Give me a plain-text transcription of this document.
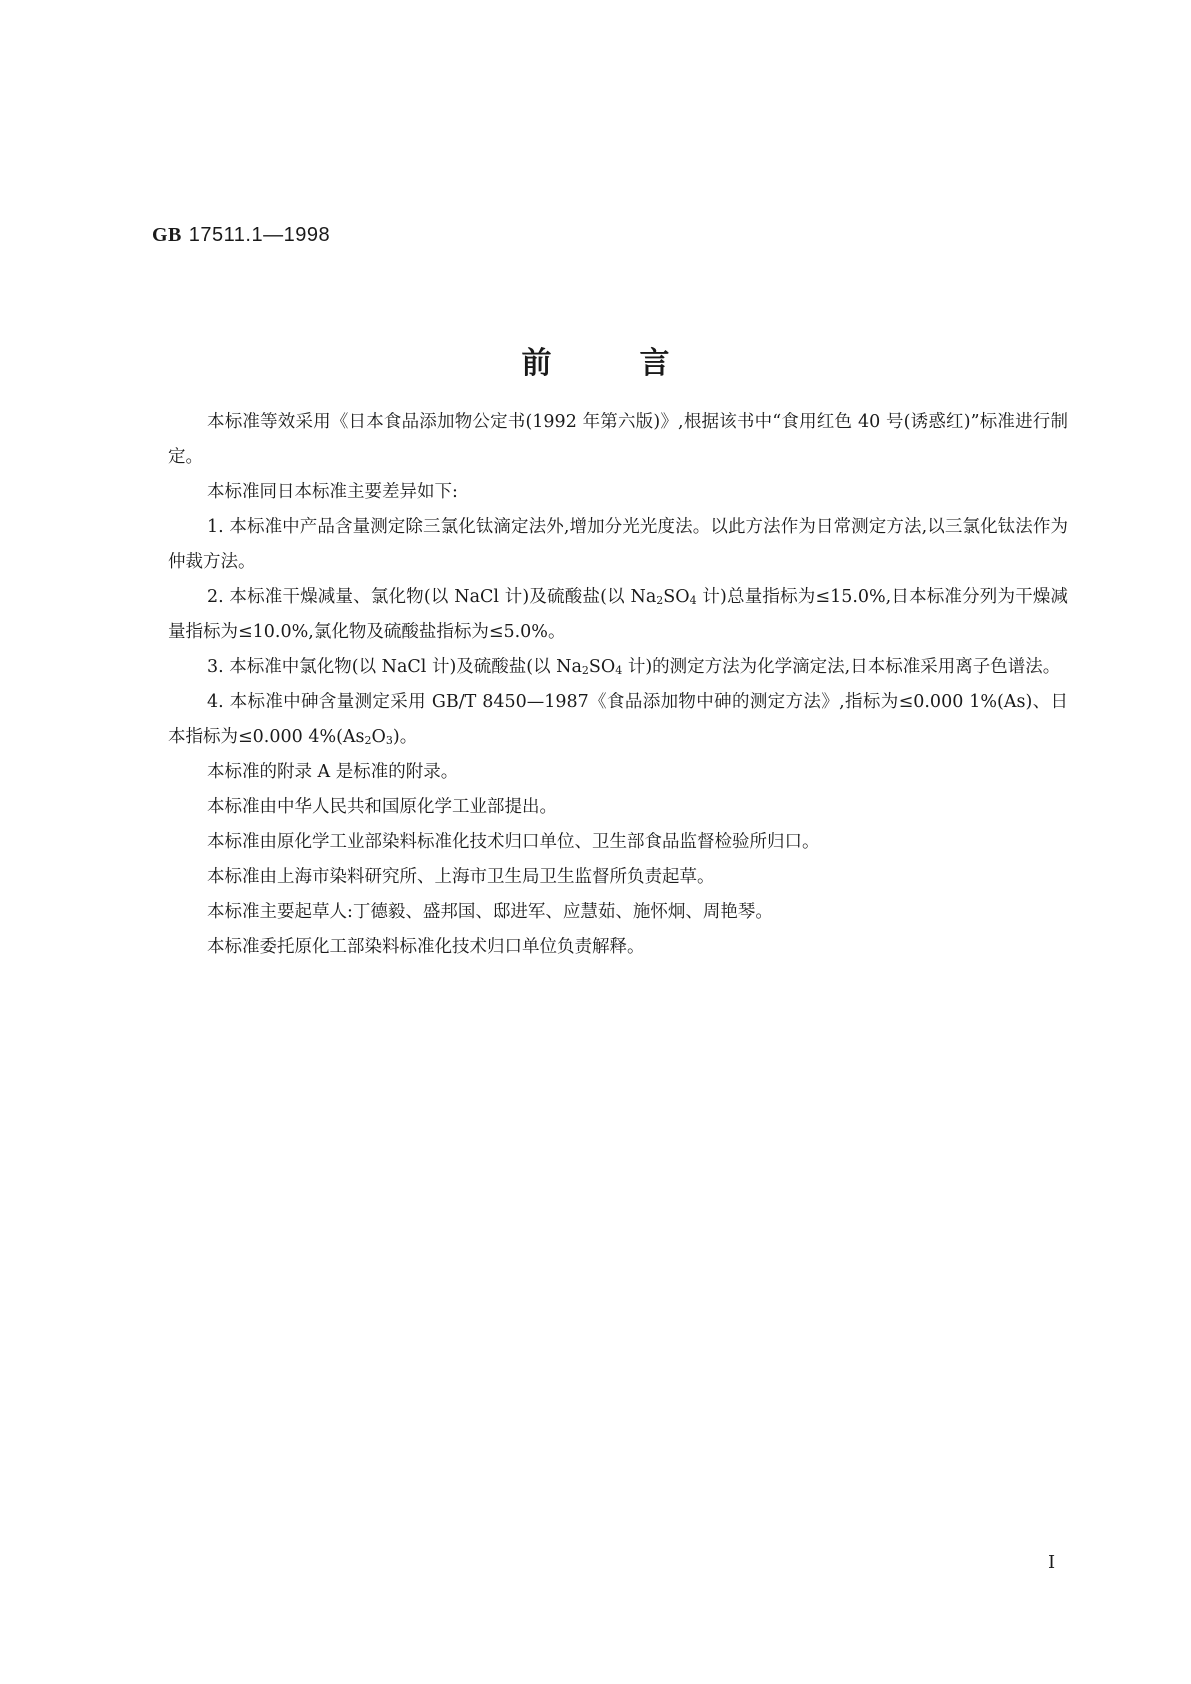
GB 17511.1—1998
前言

本标准等效采用《日本食品添加物公定书(1992 年第六版)》,根据该书中“食用红色 40 号(诱惑红)”标准进行制定。

本标准同日本标准主要差异如下:

1. 本标准中产品含量测定除三氯化钛滴定法外,增加分光光度法。以此方法作为日常测定方法,以三氯化钛法作为仲裁方法。

2. 本标准干燥减量、氯化物(以 NaCl 计)及硫酸盐(以 $Na_2SO_4$ 计)总量指标为≤15.0%,日本标准分列为干燥减量指标为≤10.0%,氯化物及硫酸盐指标为≤5.0%。

3. 本标准中氯化物(以 NaCl 计)及硫酸盐(以 $Na_2SO_4$ 计)的测定方法为化学滴定法,日本标准采用离子色谱法。

4. 本标准中砷含量测定采用 GB/T 8450—1987《食品添加物中砷的测定方法》,指标为≤0.000 1%(As)、日本指标为≤0.000 $4\%(As_2O_3)$。

本标准的附录 A 是标准的附录。

本标准由中华人民共和国原化学工业部提出。

本标准由原化学工业部染料标准化技术归口单位、卫生部食品监督检验所归口。

本标准由上海市染料研究所、上海市卫生局卫生监督所负责起草。

本标准主要起草人:丁德毅、盛邦国、邸进军、应慧茹、施怀炯、周艳琴。

本标准委托原化工部染料标准化技术归口单位负责解释。

I
